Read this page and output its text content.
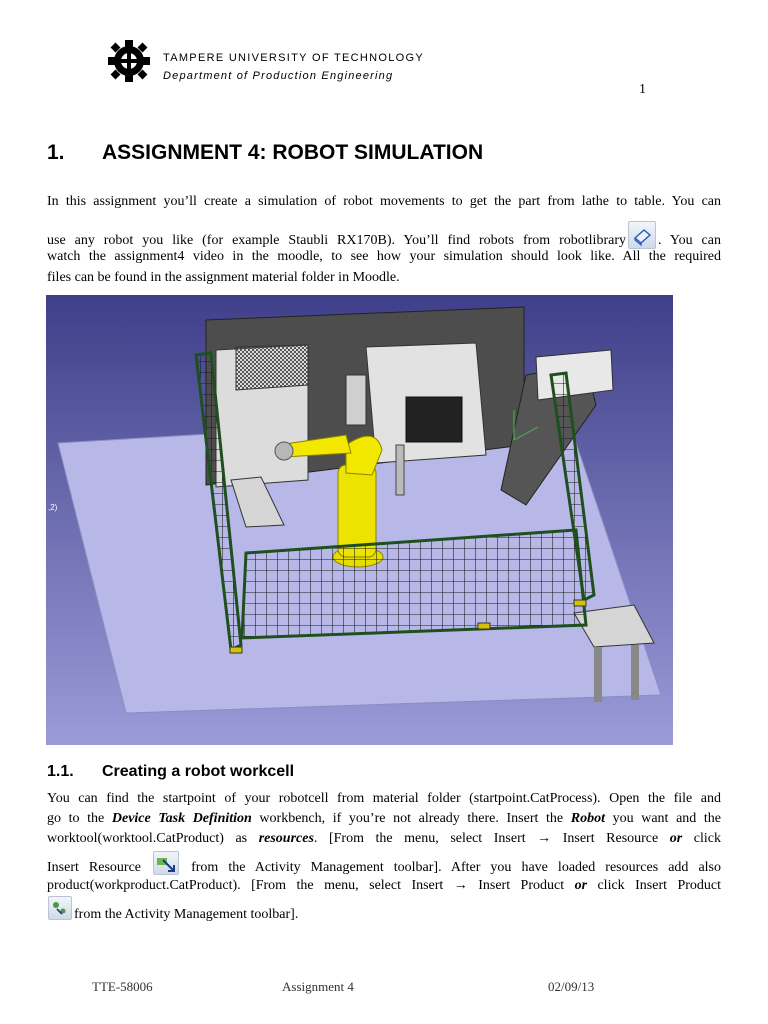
TAMPERE UNIVERSITY OF TECHNOLOGY
Department of Production Engineering
1
1. ASSIGNMENT 4: ROBOT SIMULATION
In this assignment you’ll create a simulation of robot movements to get the part from lathe to table. You can
use any robot you like (for example Staubli RX170B). You’ll find robots from robotlibrary . You can
watch the assignment4 video in the moodle, to see how your simulation should look like. All the required
files can be found in the assignment material folder in Moodle.
,2)
1.1. Creating a robot workcell
You can find the startpoint of your robotcell from material folder (startpoint.CatProcess). Open the file and
go to the Device Task Definition workbench, if you’re not already there. Insert the Robot you want and the
worktool(worktool.CatProduct) as resources. [From the menu, select Insert → Insert Resource or click
Insert Resource  from the Activity Management toolbar]. After you have loaded resources add also
product(workproduct.CatProduct). [From the menu, select Insert → Insert Product or click Insert Product
from the Activity Management toolbar].
TTE-58006	Assignment 4	02/09/13
